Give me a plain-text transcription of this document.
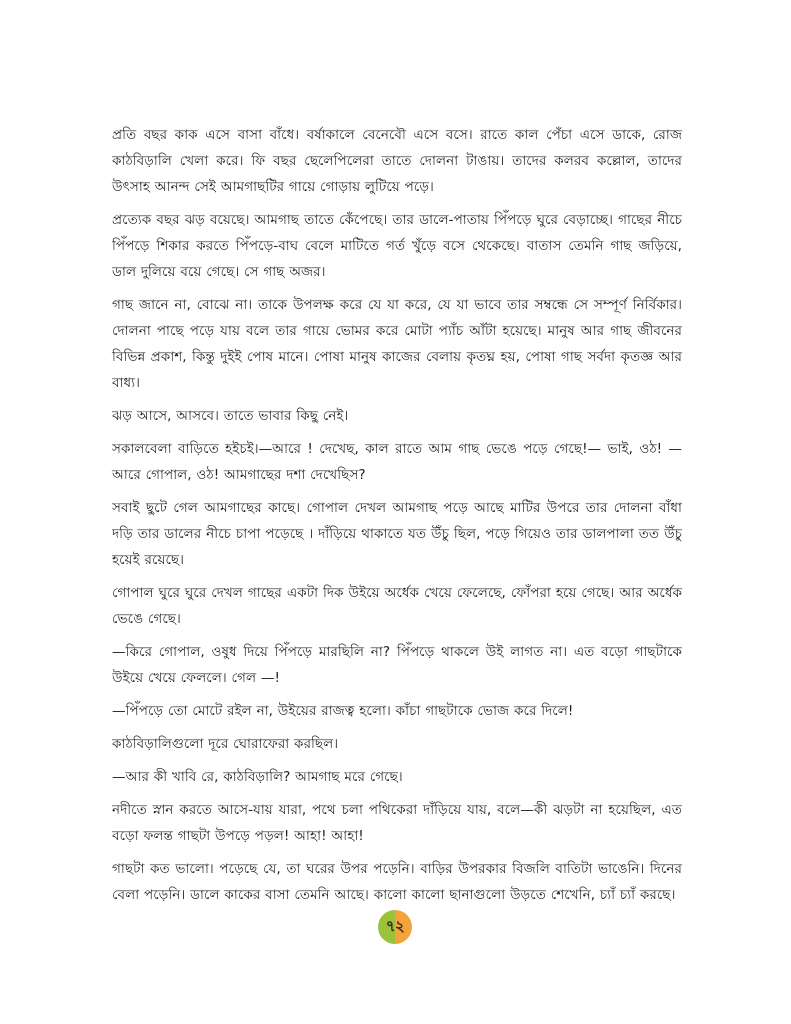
প্রতি বছর কাক এসে বাসা বাঁধে। বর্ষাকালে বেনেবৌ এসে বসে। রাতে কাল পেঁচা এসে ডাকে, রোজ কাঠবিড়ালি খেলা করে। ফি বছর ছেলেপিলেরা তাতে দোলনা টাঙায়। তাদের কলরব কল্লোল, তাদের উৎসাহ আনন্দ সেই আমগাছটির গায়ে গোড়ায় লুটিয়ে পড়ে।

প্রত্যেক বছর ঝড় বয়েছে। আমগাছ তাতে কেঁপেছে। তার ডালে-পাতায় পিঁপড়ে ঘুরে বেড়াচ্ছে। গাছের নীচে পিঁপড়ে শিকার করতে পিঁপড়ে-বাঘ বেলে মাটিতে গর্ত খুঁড়ে বসে থেকেছে। বাতাস তেমনি গাছ জড়িয়ে, ডাল দুলিয়ে বয়ে গেছে। সে গাছ অজর।

গাছ জানে না, বোঝে না। তাকে উপলক্ষ করে যে যা করে, যে যা ভাবে তার সম্বন্ধে সে সম্পূর্ণ নির্বিকার। দোলনা পাছে পড়ে যায় বলে তার গায়ে ভোমর করে মোটা প্যাঁচ আঁটা হয়েছে। মানুষ আর গাছ জীবনের বিভিন্ন প্রকাশ, কিন্তু দুইই পোষ মানে। পোষা মানুষ কাজের বেলায় কৃতঘ্ন হয়, পোষা গাছ সর্বদা কৃতজ্ঞ আর বাধ্য।

ঝড় আসে, আসবে। তাতে ভাবার কিছু নেই।

সকালবেলা বাড়িতে হইচই।—আরে ! দেখেছ, কাল রাতে আম গাছ ভেঙে পড়ে গেছে!— ভাই, ওঠ! —আরে গোপাল, ওঠ! আমগাছের দশা দেখেছিস?

সবাই ছুটে গেল আমগাছের কাছে। গোপাল দেখল আমগাছ পড়ে আছে মাটির উপরে তার দোলনা বাঁধা দড়ি তার ডালের নীচে চাপা পড়েছে । দাঁড়িয়ে থাকাতে যত উঁচু ছিল, পড়ে গিয়েও তার ডালপালা তত উঁচু হয়েই রয়েছে।

গোপাল ঘুরে ঘুরে দেখল গাছের একটা দিক উইয়ে অর্ধেক খেয়ে ফেলেছে, ফোঁপরা হয়ে গেছে। আর অর্ধেক ভেঙে গেছে।

—কিরে গোপাল, ওষুধ দিয়ে পিঁপড়ে মারছিলি না? পিঁপড়ে থাকলে উই লাগত না। এত বড়ো গাছটাকে উইয়ে খেয়ে ফেললে। গেল —!

—পিঁপড়ে তো মোটে রইল না, উইয়ের রাজত্ব হলো। কাঁচা গাছটাকে ভোজ করে দিলে!

কাঠবিড়ালিগুলো দূরে ঘোরাফেরা করছিল।

—আর কী খাবি রে, কাঠবিড়ালি? আমগাছ মরে গেছে।

নদীতে স্নান করতে আসে-যায় যারা, পথে চলা পথিকেরা দাঁড়িয়ে যায়, বলে—কী ঝড়টা না হয়েছিল, এত বড়ো ফলন্ত গাছটা উপড়ে পড়ল! আহা! আহা!

গাছটা কত ভালো। পড়েছে যে, তা ঘরের উপর পড়েনি। বাড়ির উপরকার বিজলি বাতিটা ভাঙেনি। দিনের বেলা পড়েনি। ডালে কাকের বাসা তেমনি আছে। কালো কালো ছানাগুলো উড়তে শেখেনি, চ্যাঁ চ্যাঁ করছে।

৭২
